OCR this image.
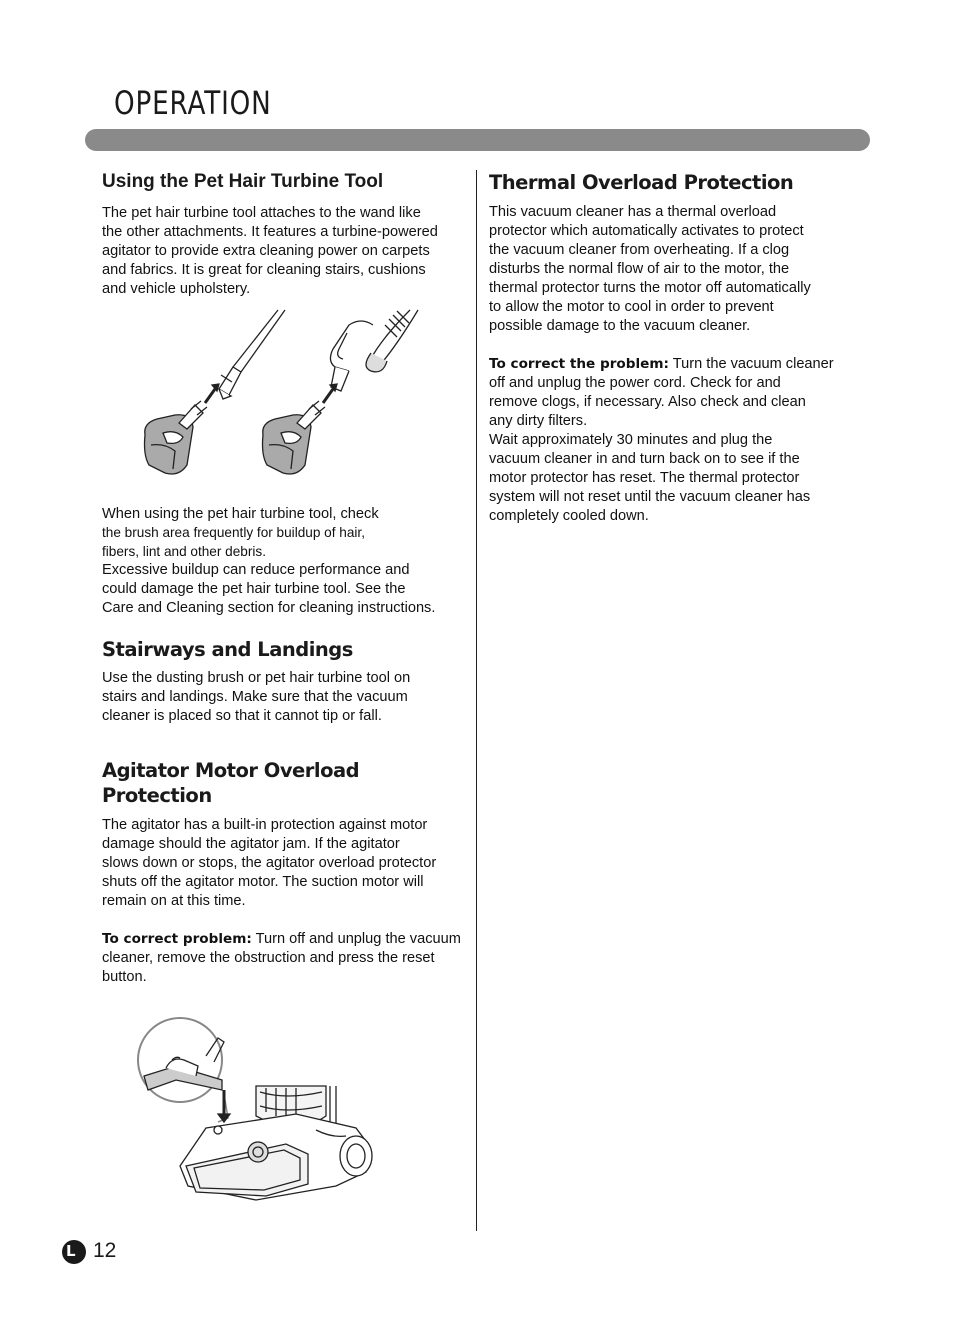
OPERATION
Using the Pet Hair Turbine Tool

The pet hair turbine tool attaches to the wand like

the other attachments. It features a turbine-powered

agitator to provide extra cleaning power on carpets

and fabrics. It is great for cleaning stairs, cushions

and vehicle upholstery.

When using the pet hair turbine tool, check

the brush area frequently for buildup of hair,

fibers, lint and other debris.

Excessive buildup can reduce performance and

could damage the pet hair turbine tool. See the

Care and Cleaning section for cleaning instructions.

Stairways and Landings

Use the dusting brush or pet hair turbine tool on

stairs and landings. Make sure that the vacuum

cleaner is placed so that it cannot tip or fall.

Agitator Motor Overload
Protection

The agitator has a built-in protection against motor

damage should the agitator jam. If the agitator

slows down or stops, the agitator overload protector

shuts off the agitator motor. The suction motor will

remain on at this time.

To correct problem: Turn off and unplug the vacuum

cleaner, remove the obstruction and press the reset

button.

Thermal Overload Protection

This vacuum cleaner has a thermal overload

protector which automatically activates to protect

the vacuum cleaner from overheating. If a clog

disturbs the normal flow of air to the motor, the

thermal protector turns the motor off automatically

to allow the motor to cool in order to prevent

possible damage to the vacuum cleaner.

To correct the problem: Turn the vacuum cleaner

off and unplug the power cord. Check for and

remove clogs, if necessary. Also check and clean

any dirty filters.

Wait approximately 30 minutes and plug the

vacuum cleaner in and turn back on to see if the

motor protector has reset. The thermal protector

system will not reset until the vacuum cleaner has

completely cooled down.

L 12
